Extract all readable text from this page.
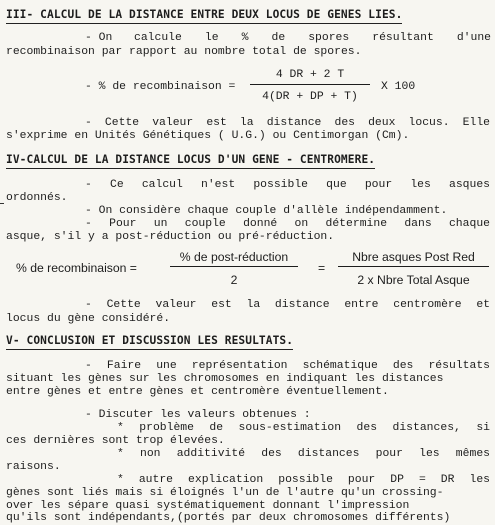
III- CALCUL DE LA DISTANCE ENTRE DEUX LOCUS DE GENES LIES.
- On calcule le % de spores résultant d'une
recombinaison par rapport au nombre total de spores.
- % de recombinaison =
4 DR + 2 T
4(DR + DP + T)
X 100
- Cette valeur est la distance des deux locus. Elle
s'exprime en Unités Génétiques ( U.G.) ou Centimorgan (Cm).
IV-CALCUL DE LA DISTANCE LOCUS D'UN GENE - CENTROMERE.
- Ce calcul n'est possible que pour les asques
ordonnés.
- On considère chaque couple d'allèle indépendamment.
- Pour un couple donné on détermine dans chaque
asque, s'il y a post-réduction ou pré-réduction.
% de recombinaison =
% de post-réduction
2
=
Nbre asques Post Red
2 x Nbre Total Asque
- Cette valeur est la distance entre centromère et
locus du gène considéré.
V- CONCLUSION ET DISCUSSION LES RESULTATS.
- Faire une représentation schématique des résultats
situant les gènes sur les chromosomes en indiquant les distances
entre gènes et entre gènes et centromère éventuellement.
- Discuter les valeurs obtenues :
* problème de sous-estimation des distances, si
ces dernières sont trop élevées.
* non additivité des distances pour les mêmes
raisons.
* autre explication possible pour DP = DR les
gènes sont liés mais si éloignés l'un de l'autre qu'un crossing-
over les sépare quasi systématiquement donnant l'impression
qu'ils sont indépendants,(portés par deux chromosomes différents)
